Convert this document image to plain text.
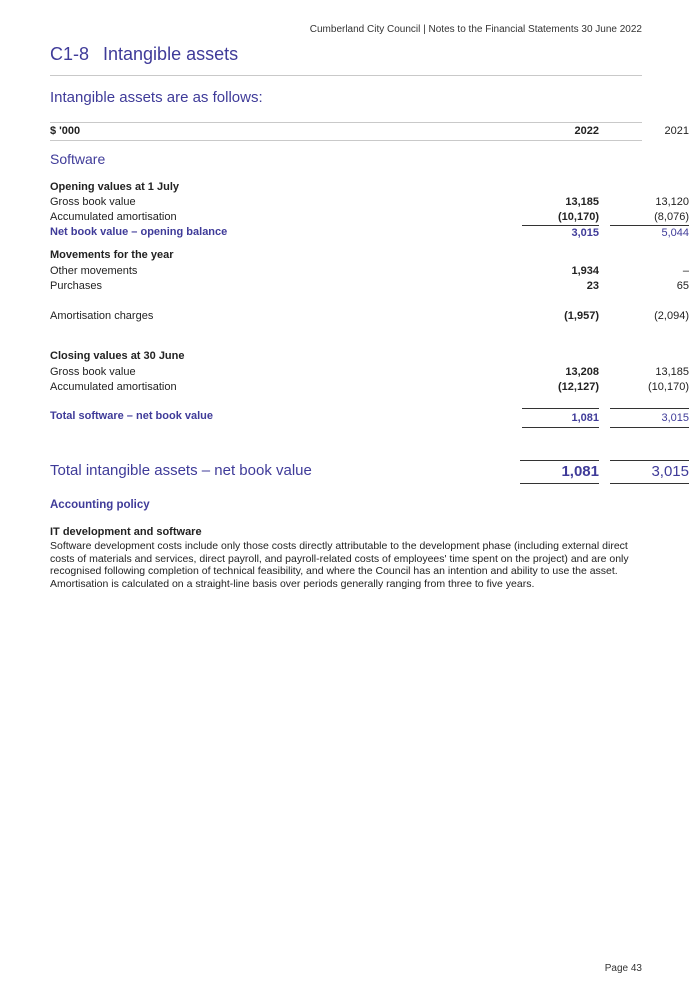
Cumberland City Council | Notes to the Financial Statements 30 June 2022
C1-8 Intangible assets
Intangible assets are as follows:
$ '000	2022	2021
Software
Opening values at 1 July
Gross book value	13,185	13,120
Accumulated amortisation	(10,170)	(8,076)
Net book value – opening balance	3,015	5,044
Movements for the year
Other movements	1,934	–
Purchases	23	65
Amortisation charges	(1,957)	(2,094)
Closing values at 30 June
Gross book value	13,208	13,185
Accumulated amortisation	(12,127)	(10,170)
Total software – net book value	1,081	3,015
Total intangible assets – net book value	1,081	3,015
Accounting policy
IT development and software
Software development costs include only those costs directly attributable to the development phase (including external direct costs of materials and services, direct payroll, and payroll-related costs of employees' time spent on the project) and are only recognised following completion of technical feasibility, and where the Council has an intention and ability to use the asset. Amortisation is calculated on a straight-line basis over periods generally ranging from three to five years.
Page 43
